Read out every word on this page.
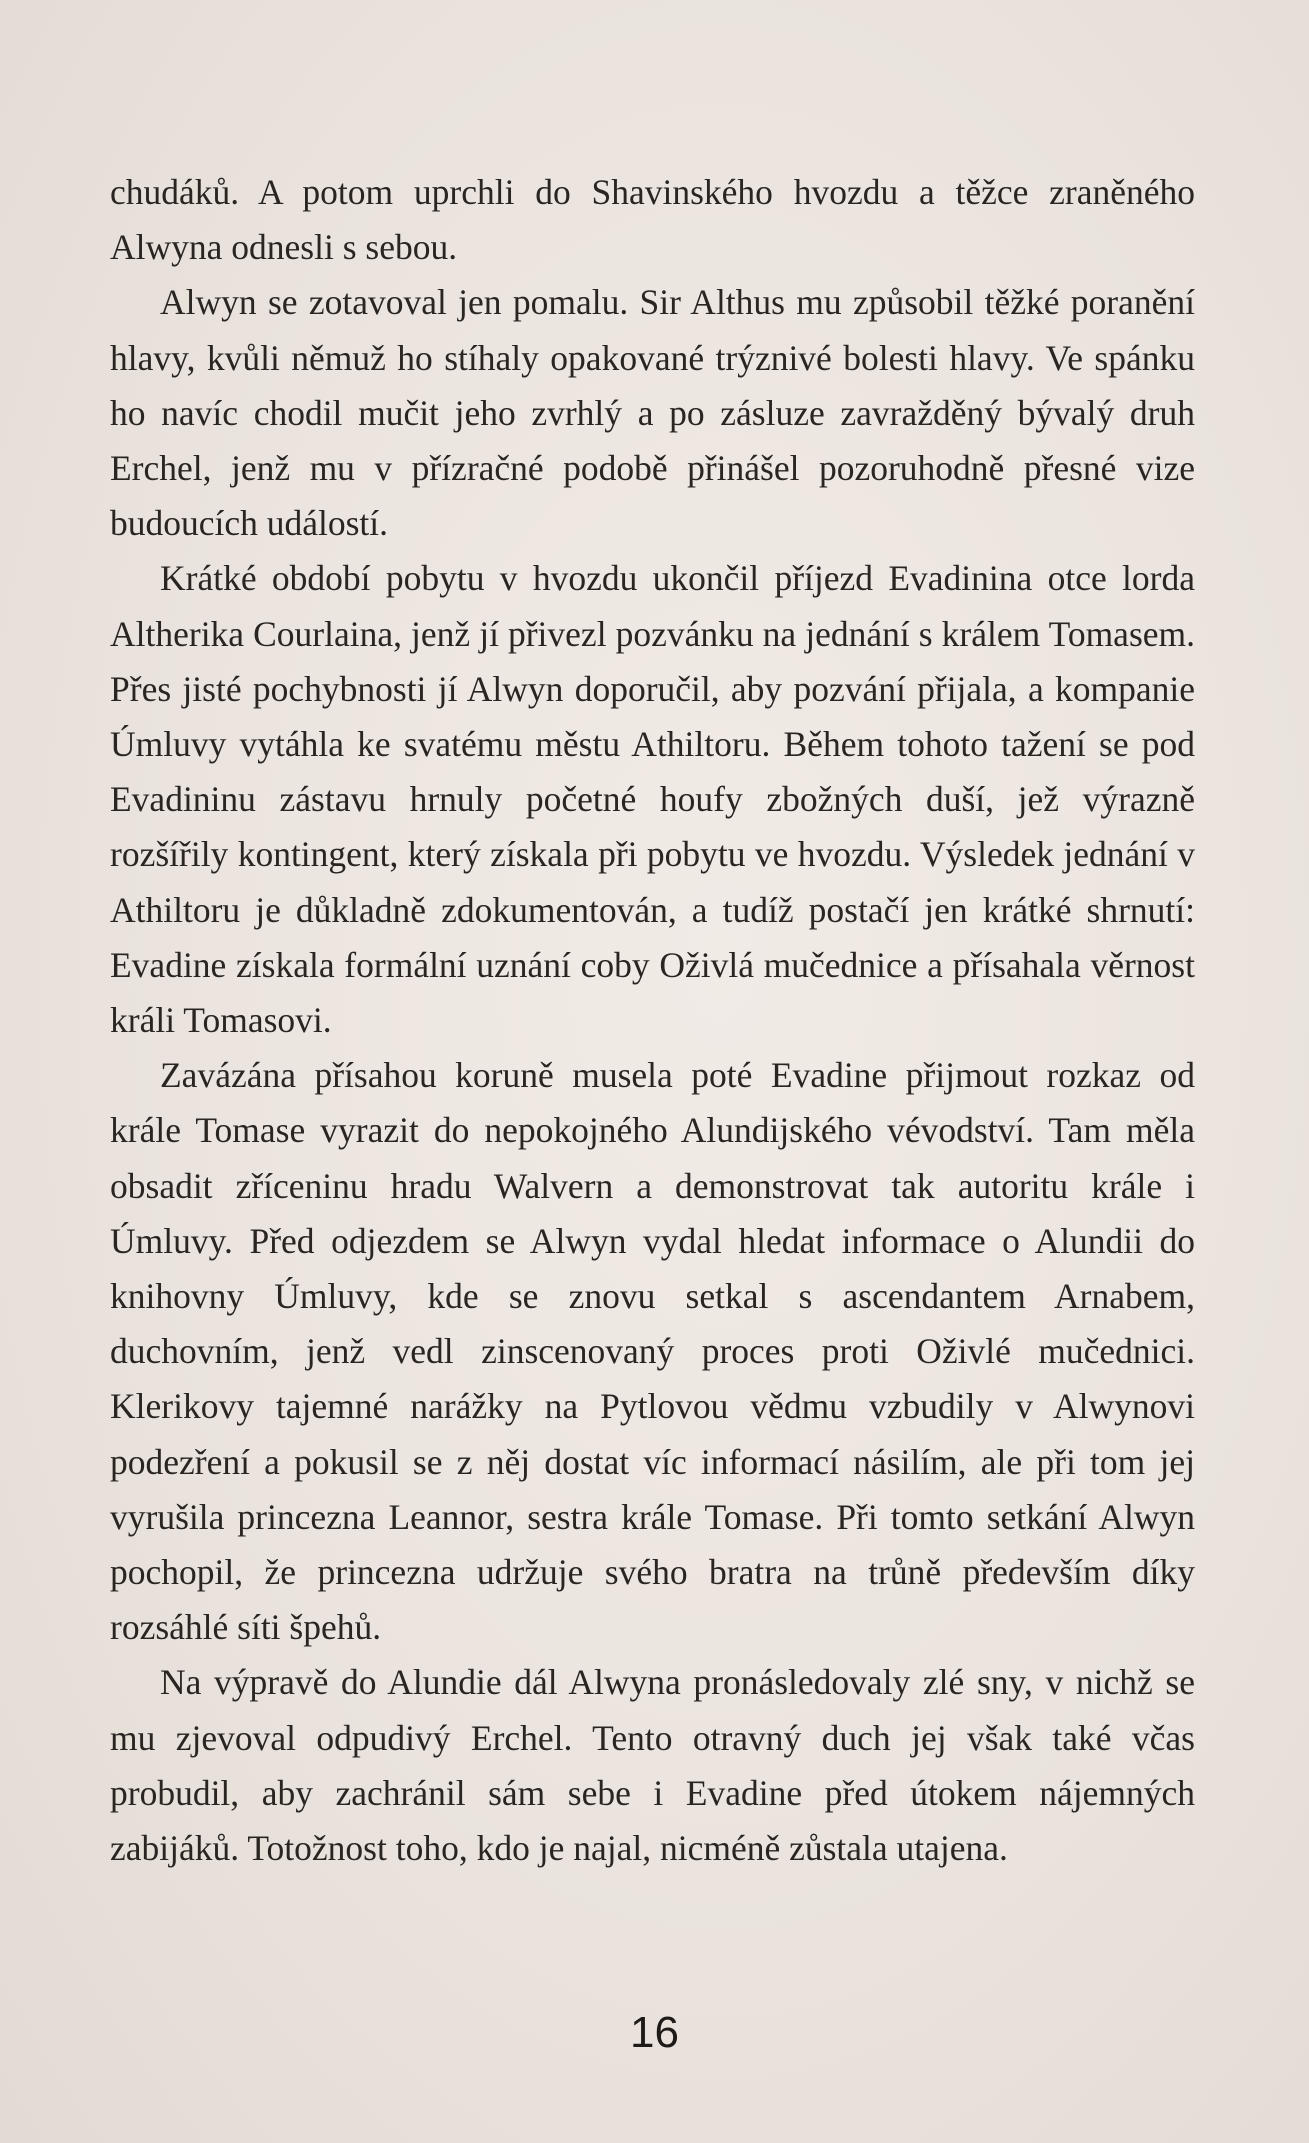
chudáků. A potom uprchli do Shavinského hvozdu a těžce zraněného Alwyna odnesli s sebou.

Alwyn se zotavoval jen pomalu. Sir Althus mu způsobil těžké poranění hlavy, kvůli němuž ho stíhaly opakované trýznivé bolesti hlavy. Ve spánku ho navíc chodil mučit jeho zvrhlý a po zásluze zavražděný bývalý druh Erchel, jenž mu v přízračné podobě přinášel pozoruhodně přesné vize budoucích událostí.

Krátké období pobytu v hvozdu ukončil příjezd Evadinina otce lorda Altherika Courlaina, jenž jí přivezl pozvánku na jednání s králem Tomasem. Přes jisté pochybnosti jí Alwyn doporučil, aby pozvání přijala, a kompanie Úmluvy vytáhla ke svatému městu Athiltoru. Během tohoto tažení se pod Evadininu zástavu hrnuly početné houfy zbožných duší, jež výrazně rozšířily kontingent, který získala při pobytu ve hvozdu. Výsledek jednání v Athiltoru je důkladně zdokumentován, a tudíž postačí jen krátké shrnutí: Evadine získala formální uznání coby Oživlá mučednice a přísahala věrnost králi Tomasovi.

Zavázána přísahou koruně musela poté Evadine přijmout rozkaz od krále Tomase vyrazit do nepokojného Alundijského vévodství. Tam měla obsadit zříceninu hradu Walvern a demonstrovat tak autoritu krále i Úmluvy. Před odjezdem se Alwyn vydal hledat informace o Alundii do knihovny Úmluvy, kde se znovu setkal s ascendantem Arnabem, duchovním, jenž vedl zinscenovaný proces proti Oživlé mučednici. Klerikovy tajemné narážky na Pytlovou vědmu vzbudily v Alwynovi podezření a pokusil se z něj dostat víc informací násilím, ale při tom jej vyrušila princezna Leannor, sestra krále Tomase. Při tomto setkání Alwyn pochopil, že princezna udržuje svého bratra na trůně především díky rozsáhlé síti špehů.

Na výpravě do Alundie dál Alwyna pronásledovaly zlé sny, v nichž se mu zjevoval odpudivý Erchel. Tento otravný duch jej však také včas probudil, aby zachránil sám sebe i Evadine před útokem nájemných zabijáků. Totožnost toho, kdo je najal, nicméně zůstala utajena.

16
